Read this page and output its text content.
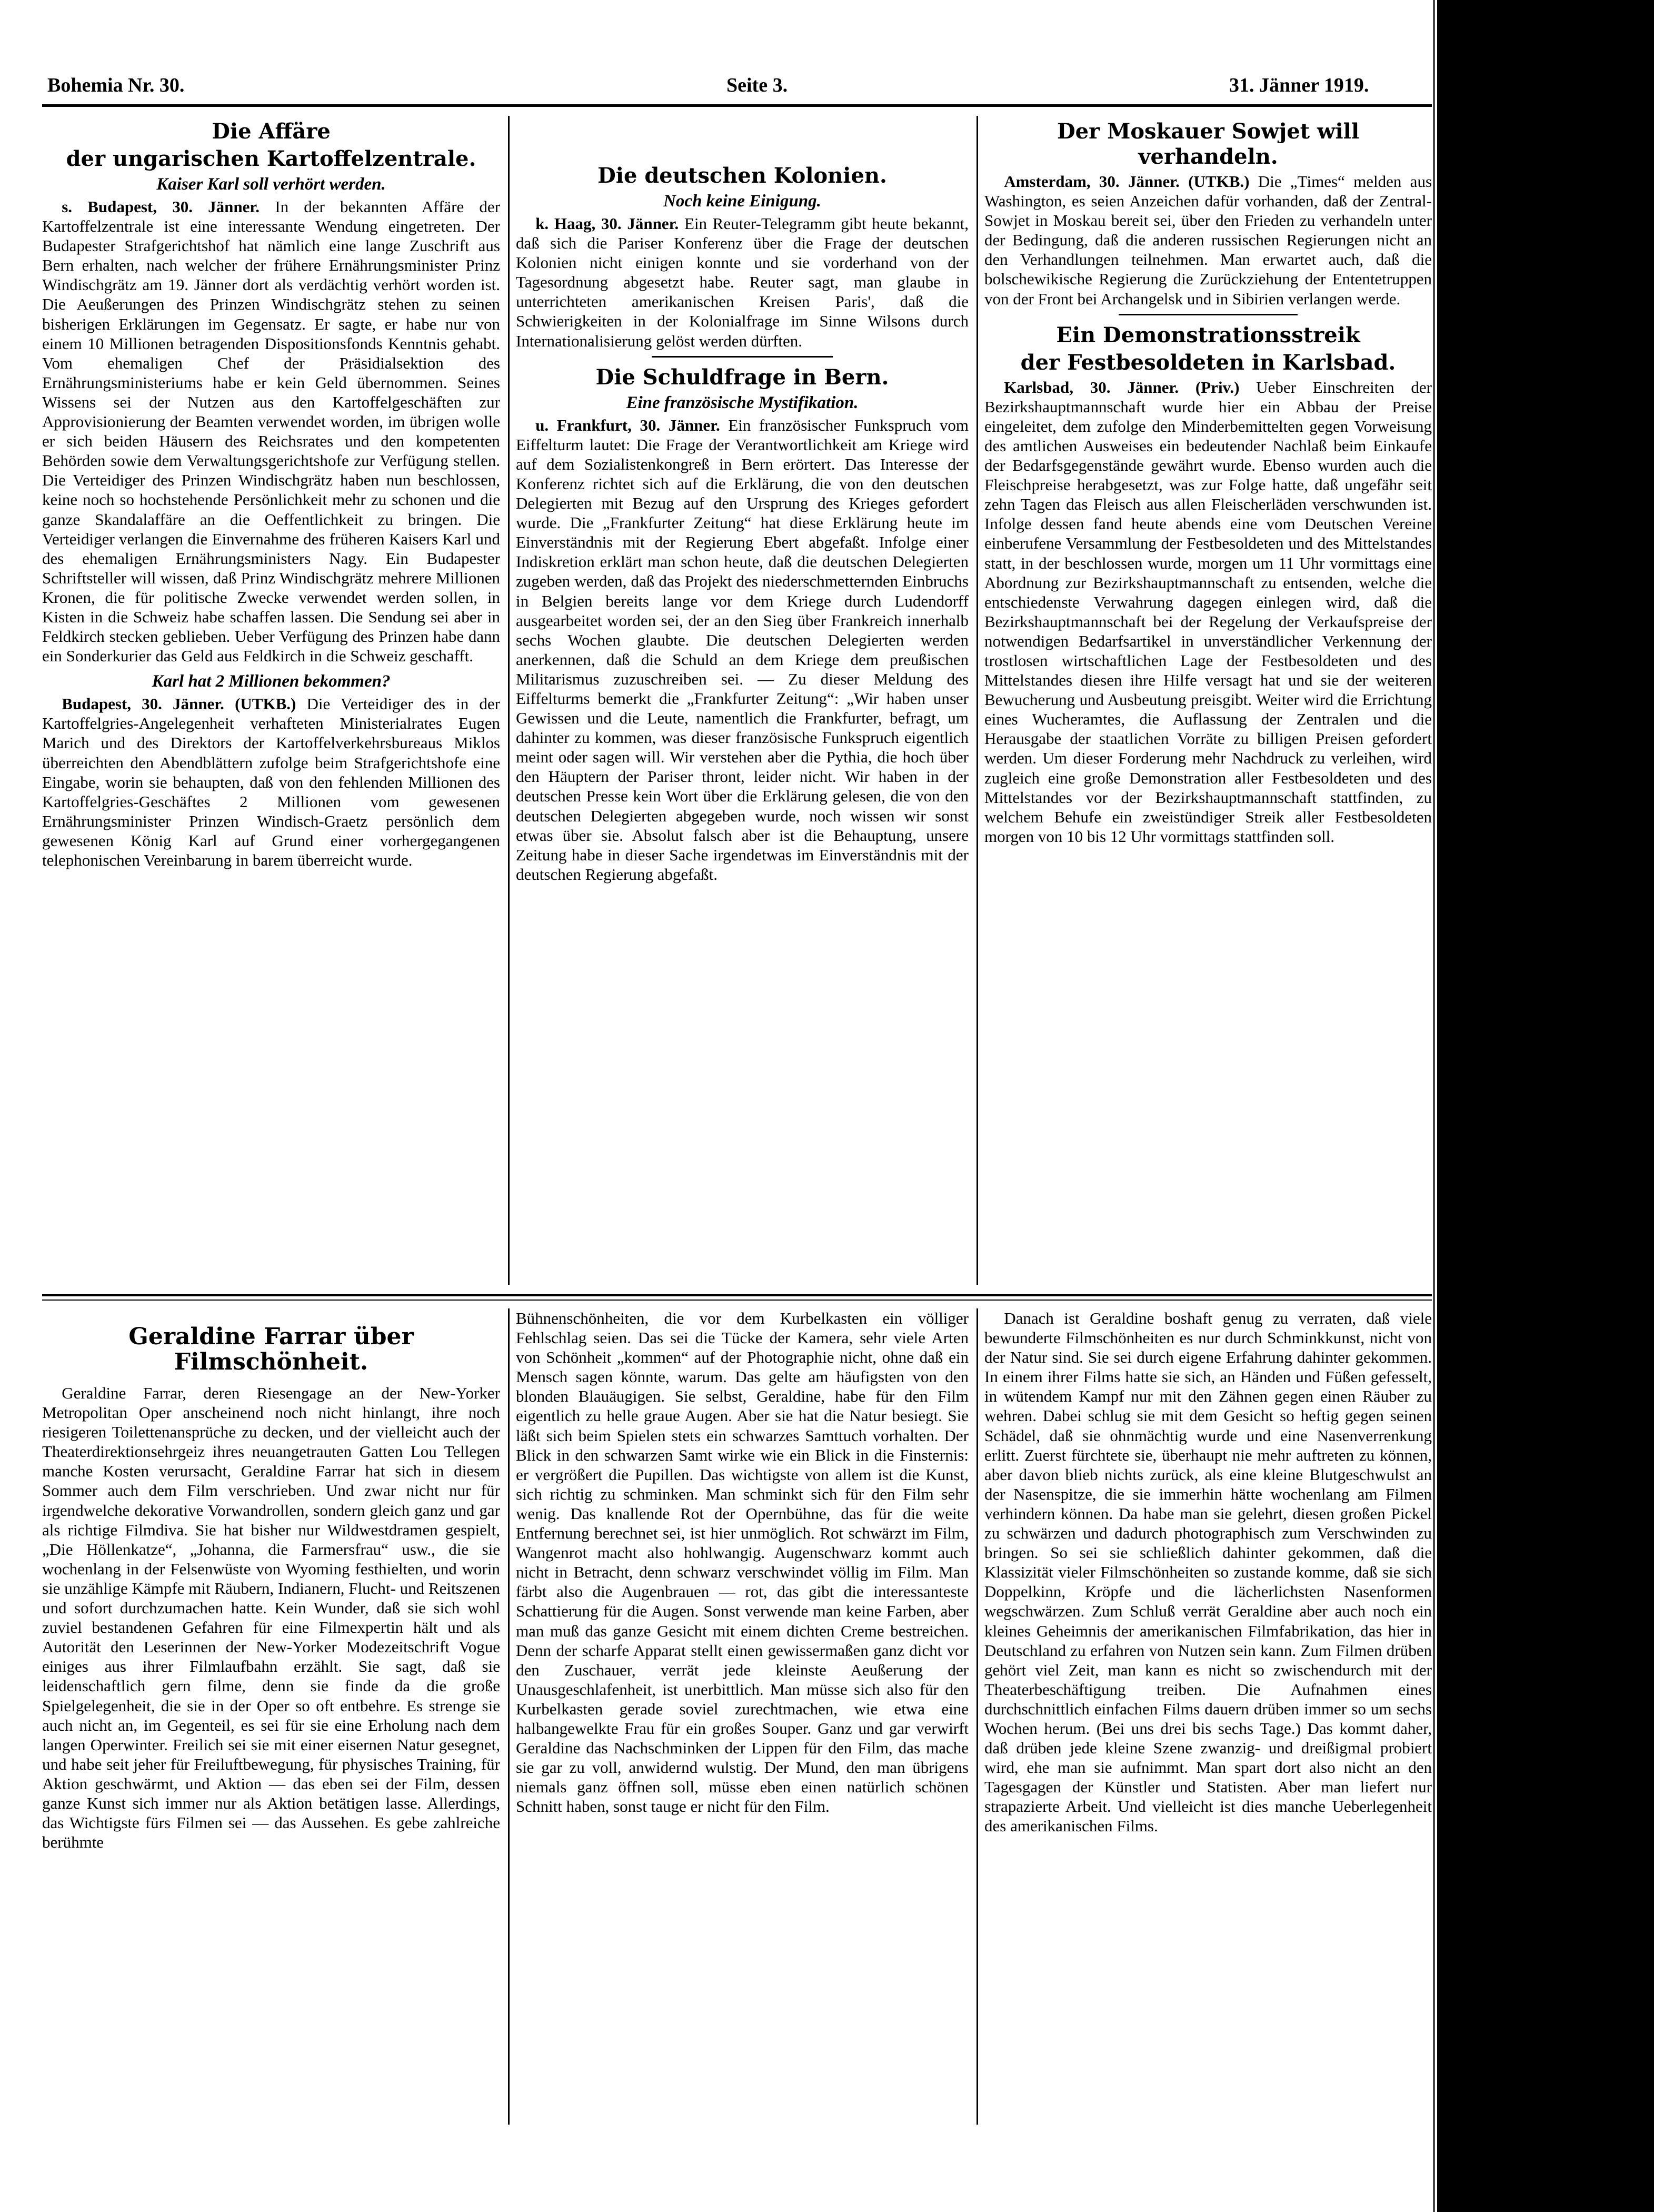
Bohemia Nr. 30.	Seite 3.	31. Jänner 1919.
Die Affäre
der ungarischen Kartoffelzentrale.
Kaiser Karl soll verhört werden.

s. Budapest, 30. Jänner. In der bekannten Affäre der Kartoffelzentrale ist eine interessante Wendung eingetreten. Der Budapester Strafgerichtshof hat nämlich eine lange Zuschrift aus Bern erhalten, nach welcher der frühere Ernährungsminister Prinz Windischgrätz am 19. Jänner dort als verdächtig verhört worden ist. Die Aeußerungen des Prinzen Windischgrätz stehen zu seinen bisherigen Erklärungen im Gegensatz. Er sagte, er habe nur von einem 10 Millionen betragenden Dispositionsfonds Kenntnis gehabt. Vom ehemaligen Chef der Präsidialsektion des Ernährungsministeriums habe er kein Geld übernommen. Seines Wissens sei der Nutzen aus den Kartoffelgeschäften zur Approvisionierung der Beamten verwendet worden, im übrigen wolle er sich beiden Häusern des Reichsrates und den kompetenten Behörden sowie dem Verwaltungsgerichtshofe zur Verfügung stellen. Die Verteidiger des Prinzen Windischgrätz haben nun beschlossen, keine noch so hochstehende Persönlichkeit mehr zu schonen und die ganze Skandalaffäre an die Oeffentlichkeit zu bringen. Die Verteidiger verlangen die Einvernahme des früheren Kaisers Karl und des ehemaligen Ernährungsministers Nagy. Ein Budapester Schriftsteller will wissen, daß Prinz Windischgrätz mehrere Millionen Kronen, die für politische Zwecke verwendet werden sollen, in Kisten in die Schweiz habe schaffen lassen. Die Sendung sei aber in Feldkirch stecken geblieben. Ueber Verfügung des Prinzen habe dann ein Sonderkurier das Geld aus Feldkirch in die Schweiz geschafft.

Karl hat 2 Millionen bekommen?

Budapest, 30. Jänner. (UTKB.) Die Verteidiger des in der Kartoffelgries-Angelegenheit verhafteten Ministerialrates Eugen Marich und des Direktors der Kartoffelverkehrsbureaus Miklos überreichten den Abendblättern zufolge beim Strafgerichtshofe eine Eingabe, worin sie behaupten, daß von den fehlenden Millionen des Kartoffelgries-Geschäftes 2 Millionen vom gewesenen Ernährungsminister Prinzen Windisch-Graetz persönlich dem gewesenen König Karl auf Grund einer vorhergegangenen telephonischen Vereinbarung in barem überreicht wurde.

Die deutschen Kolonien.
Noch keine Einigung.

k. Haag, 30. Jänner. Ein Reuter-Telegramm gibt heute bekannt, daß sich die Pariser Konferenz über die Frage der deutschen Kolonien nicht einigen konnte und sie vorderhand von der Tagesordnung abgesetzt habe. Reuter sagt, man glaube in unterrichteten amerikanischen Kreisen Paris', daß die Schwierigkeiten in der Kolonialfrage im Sinne Wilsons durch Internationalisierung gelöst werden dürften.

Die Schuldfrage in Bern.
Eine französische Mystifikation.

u. Frankfurt, 30. Jänner. Ein französischer Funkspruch vom Eiffelturm lautet: Die Frage der Verantwortlichkeit am Kriege wird auf dem Sozialistenkongreß in Bern erörtert. Das Interesse der Konferenz richtet sich auf die Erklärung, die von den deutschen Delegierten mit Bezug auf den Ursprung des Krieges gefordert wurde. Die „Frankfurter Zeitung“ hat diese Erklärung heute im Einverständnis mit der Regierung Ebert abgefaßt. Infolge einer Indiskretion erklärt man schon heute, daß die deutschen Delegierten zugeben werden, daß das Projekt des niederschmetternden Einbruchs in Belgien bereits lange vor dem Kriege durch Ludendorff ausgearbeitet worden sei, der an den Sieg über Frankreich innerhalb sechs Wochen glaubte. Die deutschen Delegierten werden anerkennen, daß die Schuld an dem Kriege dem preußischen Militarismus zuzuschreiben sei. — Zu dieser Meldung des Eiffelturms bemerkt die „Frankfurter Zeitung“: „Wir haben unser Gewissen und die Leute, namentlich die Frankfurter, befragt, um dahinter zu kommen, was dieser französische Funkspruch eigentlich meint oder sagen will. Wir verstehen aber die Pythia, die hoch über den Häuptern der Pariser thront, leider nicht. Wir haben in der deutschen Presse kein Wort über die Erklärung gelesen, die von den deutschen Delegierten abgegeben wurde, noch wissen wir sonst etwas über sie. Absolut falsch aber ist die Behauptung, unsere Zeitung habe in dieser Sache irgendetwas im Einverständnis mit der deutschen Regierung abgefaßt.

Der Moskauer Sowjet will verhandeln.

Amsterdam, 30. Jänner. (UTKB.) Die „Times“ melden aus Washington, es seien Anzeichen dafür vorhanden, daß der Zentral-Sowjet in Moskau bereit sei, über den Frieden zu verhandeln unter der Bedingung, daß die anderen russischen Regierungen nicht an den Verhandlungen teilnehmen. Man erwartet auch, daß die bolschewikische Regierung die Zurückziehung der Ententetruppen von der Front bei Archangelsk und in Sibirien verlangen werde.

Ein Demonstrationsstreik
der Festbesoldeten in Karlsbad.

Karlsbad, 30. Jänner. (Priv.) Ueber Einschreiten der Bezirkshauptmannschaft wurde hier ein Abbau der Preise eingeleitet, dem zufolge den Minderbemittelten gegen Vorweisung des amtlichen Ausweises ein bedeutender Nachlaß beim Einkaufe der Bedarfsgegenstände gewährt wurde. Ebenso wurden auch die Fleischpreise herabgesetzt, was zur Folge hatte, daß ungefähr seit zehn Tagen das Fleisch aus allen Fleischerläden verschwunden ist. Infolge dessen fand heute abends eine vom Deutschen Vereine einberufene Versammlung der Festbesoldeten und des Mittelstandes statt, in der beschlossen wurde, morgen um 11 Uhr vormittags eine Abordnung zur Bezirkshauptmannschaft zu entsenden, welche die entschiedenste Verwahrung dagegen einlegen wird, daß die Bezirkshauptmannschaft bei der Regelung der Verkaufspreise der notwendigen Bedarfsartikel in unverständlicher Verkennung der trostlosen wirtschaftlichen Lage der Festbesoldeten und des Mittelstandes diesen ihre Hilfe versagt hat und sie der weiteren Bewucherung und Ausbeutung preisgibt. Weiter wird die Errichtung eines Wucheramtes, die Auflassung der Zentralen und die Herausgabe der staatlichen Vorräte zu billigen Preisen gefordert werden. Um dieser Forderung mehr Nachdruck zu verleihen, wird zugleich eine große Demonstration aller Festbesoldeten und des Mittelstandes vor der Bezirkshauptmannschaft stattfinden, zu welchem Behufe ein zweistündiger Streik aller Festbesoldeten morgen von 10 bis 12 Uhr vormittags stattfinden soll.

Geraldine Farrar über Filmschönheit.

Geraldine Farrar, deren Riesengage an der New-Yorker Metropolitan Oper anscheinend noch nicht hinlangt, ihre noch riesigeren Toilettenansprüche zu decken, und der vielleicht auch der Theaterdirektionsehrgeiz ihres neuangetrauten Gatten Lou Tellegen manche Kosten verursacht, Geraldine Farrar hat sich in diesem Sommer auch dem Film verschrieben. Und zwar nicht nur für irgendwelche dekorative Vorwandrollen, sondern gleich ganz und gar als richtige Filmdiva. Sie hat bisher nur Wildwestdramen gespielt, „Die Höllenkatze“, „Johanna, die Farmersfrau“ usw., die sie wochenlang in der Felsenwüste von Wyoming festhielten, und worin sie unzählige Kämpfe mit Räubern, Indianern, Flucht- und Reitszenen und sofort durchzumachen hatte. Kein Wunder, daß sie sich wohl zuviel bestandenen Gefahren für eine Filmexpertin hält und als Autorität den Leserinnen der New-Yorker Modezeitschrift Vogue einiges aus ihrer Filmlaufbahn erzählt. Sie sagt, daß sie leidenschaftlich gern filme, denn sie finde da die große Spielgelegenheit, die sie in der Oper so oft entbehre. Es strenge sie auch nicht an, im Gegenteil, es sei für sie eine Erholung nach dem langen Operwinter. Freilich sei sie mit einer eisernen Natur gesegnet, und habe seit jeher für Freiluftbewegung, für physisches Training, für Aktion geschwärmt, und Aktion — das eben sei der Film, dessen ganze Kunst sich immer nur als Aktion betätigen lasse. Allerdings, das Wichtigste fürs Filmen sei — das Aussehen. Es gebe zahlreiche berühmte

Bühnenschönheiten, die vor dem Kurbelkasten ein völliger Fehlschlag seien. Das sei die Tücke der Kamera, sehr viele Arten von Schönheit „kommen“ auf der Photographie nicht, ohne daß ein Mensch sagen könnte, warum. Das gelte am häufigsten von den blonden Blauäugigen. Sie selbst, Geraldine, habe für den Film eigentlich zu helle graue Augen. Aber sie hat die Natur besiegt. Sie läßt sich beim Spielen stets ein schwarzes Samttuch vorhalten. Der Blick in den schwarzen Samt wirke wie ein Blick in die Finsternis: er vergrößert die Pupillen. Das wichtigste von allem ist die Kunst, sich richtig zu schminken. Man schminkt sich für den Film sehr wenig. Das knallende Rot der Opernbühne, das für die weite Entfernung berechnet sei, ist hier unmöglich. Rot schwärzt im Film, Wangenrot macht also hohlwangig. Augenschwarz kommt auch nicht in Betracht, denn schwarz verschwindet völlig im Film. Man färbt also die Augenbrauen — rot, das gibt die interessanteste Schattierung für die Augen. Sonst verwende man keine Farben, aber man muß das ganze Gesicht mit einem dichten Creme bestreichen. Denn der scharfe Apparat stellt einen gewissermaßen ganz dicht vor den Zuschauer, verrät jede kleinste Aeußerung der Unausgeschlafenheit, ist unerbittlich. Man müsse sich also für den Kurbelkasten gerade soviel zurechtmachen, wie etwa eine halbangewelkte Frau für ein großes Souper. Ganz und gar verwirft Geraldine das Nachschminken der Lippen für den Film, das mache sie gar zu voll, anwidernd wulstig. Der Mund, den man übrigens niemals ganz öffnen soll, müsse eben einen natürlich schönen Schnitt haben, sonst tauge er nicht für den Film.

Danach ist Geraldine boshaft genug zu verraten, daß viele bewunderte Filmschönheiten es nur durch Schminkkunst, nicht von der Natur sind. Sie sei durch eigene Erfahrung dahinter gekommen. In einem ihrer Films hatte sie sich, an Händen und Füßen gefesselt, in wütendem Kampf nur mit den Zähnen gegen einen Räuber zu wehren. Dabei schlug sie mit dem Gesicht so heftig gegen seinen Schädel, daß sie ohnmächtig wurde und eine Nasenverrenkung erlitt. Zuerst fürchtete sie, überhaupt nie mehr auftreten zu können, aber davon blieb nichts zurück, als eine kleine Blutgeschwulst an der Nasenspitze, die sie immerhin hätte wochenlang am Filmen verhindern können. Da habe man sie gelehrt, diesen großen Pickel zu schwärzen und dadurch photographisch zum Verschwinden zu bringen. So sei sie schließlich dahinter gekommen, daß die Klassizität vieler Filmschönheiten so zustande komme, daß sie sich Doppelkinn, Kröpfe und die lächerlichsten Nasenformen wegschwärzen. Zum Schluß verrät Geraldine aber auch noch ein kleines Geheimnis der amerikanischen Filmfabrikation, das hier in Deutschland zu erfahren von Nutzen sein kann. Zum Filmen drüben gehört viel Zeit, man kann es nicht so zwischendurch mit der Theaterbeschäftigung treiben. Die Aufnahmen eines durchschnittlich einfachen Films dauern drüben immer so um sechs Wochen herum. (Bei uns drei bis sechs Tage.) Das kommt daher, daß drüben jede kleine Szene zwanzig- und dreißigmal probiert wird, ehe man sie aufnimmt. Man spart dort also nicht an den Tagesgagen der Künstler und Statisten. Aber man liefert nur strapazierte Arbeit. Und vielleicht ist dies manche Ueberlegenheit des amerikanischen Films.
